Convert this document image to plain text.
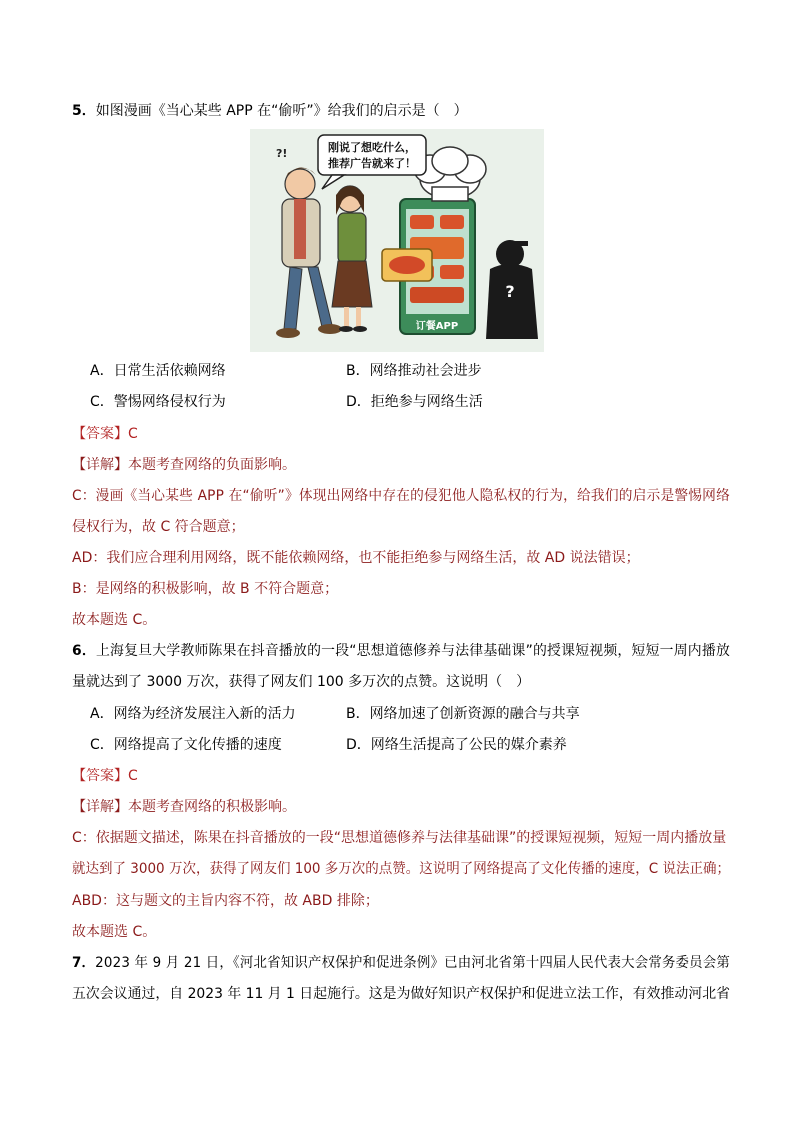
5．如图漫画《当心某些 APP 在“偷听”》给我们的启示是（　）
订餐APP
?
?!	刚说了想吃什么，
推荐广告就来了！
A．日常生活依赖网络	B．网络推动社会进步
C．警惕网络侵权行为	D．拒绝参与网络生活
【答案】C
【详解】本题考查网络的负面影响。
C：漫画《当心某些 APP 在“偷听”》体现出网络中存在的侵犯他人隐私权的行为，给我们的启示是警惕网络
侵权行为，故 C 符合题意；
AD：我们应合理利用网络，既不能依赖网络，也不能拒绝参与网络生活，故 AD 说法错误；
B：是网络的积极影响，故 B 不符合题意；
故本题选 C。
6．上海复旦大学教师陈果在抖音播放的一段“思想道德修养与法律基础课”的授课短视频，短短一周内播放
量就达到了 3000 万次，获得了网友们 100 多万次的点赞。这说明（　）
A．网络为经济发展注入新的活力	B．网络加速了创新资源的融合与共享
C．网络提高了文化传播的速度	D．网络生活提高了公民的媒介素养
【答案】C
【详解】本题考查网络的积极影响。
C：依据题文描述，陈果在抖音播放的一段“思想道德修养与法律基础课”的授课短视频，短短一周内播放量
就达到了 3000 万次，获得了网友们 100 多万次的点赞。这说明了网络提高了文化传播的速度，C 说法正确；
ABD：这与题文的主旨内容不符，故 ABD 排除；
故本题选 C。
7．2023 年 9 月 21 日，《河北省知识产权保护和促进条例》已由河北省第十四届人民代表大会常务委员会第
五次会议通过，自 2023 年 11 月 1 日起施行。这是为做好知识产权保护和促进立法工作，有效推动河北省
